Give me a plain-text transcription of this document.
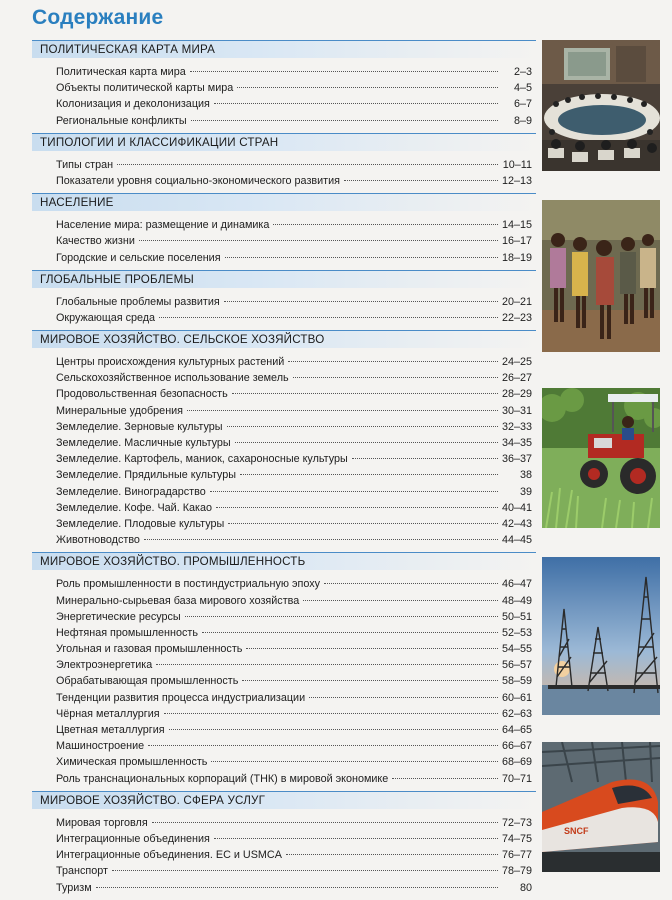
Содержание
ПОЛИТИЧЕСКАЯ КАРТА МИРА
Политическая карта мира	2–3
Объекты политической карты мира	4–5
Колонизация и деколонизация	6–7
Региональные конфликты	8–9
ТИПОЛОГИИ И КЛАССИФИКАЦИИ СТРАН
Типы стран	10–11
Показатели уровня социально-экономического развития	12–13
НАСЕЛЕНИЕ
Население мира: размещение и динамика	14–15
Качество жизни	16–17
Городские и сельские поселения	18–19
ГЛОБАЛЬНЫЕ ПРОБЛЕМЫ
Глобальные проблемы развития	20–21
Окружающая среда	22–23
МИРОВОЕ ХОЗЯЙСТВО. СЕЛЬСКОЕ ХОЗЯЙСТВО
Центры происхождения культурных растений	24–25
Сельскохозяйственное использование земель	26–27
Продовольственная безопасность	28–29
Минеральные удобрения	30–31
Земледелие. Зерновые культуры	32–33
Земледелие. Масличные культуры	34–35
Земледелие. Картофель, маниок, сахароносные культуры	36–37
Земледелие. Прядильные культуры	38
Земледелие. Виноградарство	39
Земледелие. Кофе. Чай. Какао	40–41
Земледелие. Плодовые культуры	42–43
Животноводство	44–45
МИРОВОЕ ХОЗЯЙСТВО. ПРОМЫШЛЕННОСТЬ
Роль промышленности в постиндустриальную эпоху	46–47
Минерально-сырьевая база мирового хозяйства	48–49
Энергетические ресурсы	50–51
Нефтяная промышленность	52–53
Угольная и газовая промышленность	54–55
Электроэнергетика	56–57
Обрабатывающая промышленность	58–59
Тенденции развития процесса индустриализации	60–61
Чёрная металлургия	62–63
Цветная металлургия	64–65
Машиностроение	66–67
Химическая промышленность	68–69
Роль транснациональных корпораций (ТНК) в мировой экономике	70–71
МИРОВОЕ ХОЗЯЙСТВО. СФЕРА УСЛУГ
Мировая торговля	72–73
Интеграционные объединения	74–75
Интеграционные объединения. ЕС и USMCA	76–77
Транспорт	78–79
Туризм	80
SNCF
